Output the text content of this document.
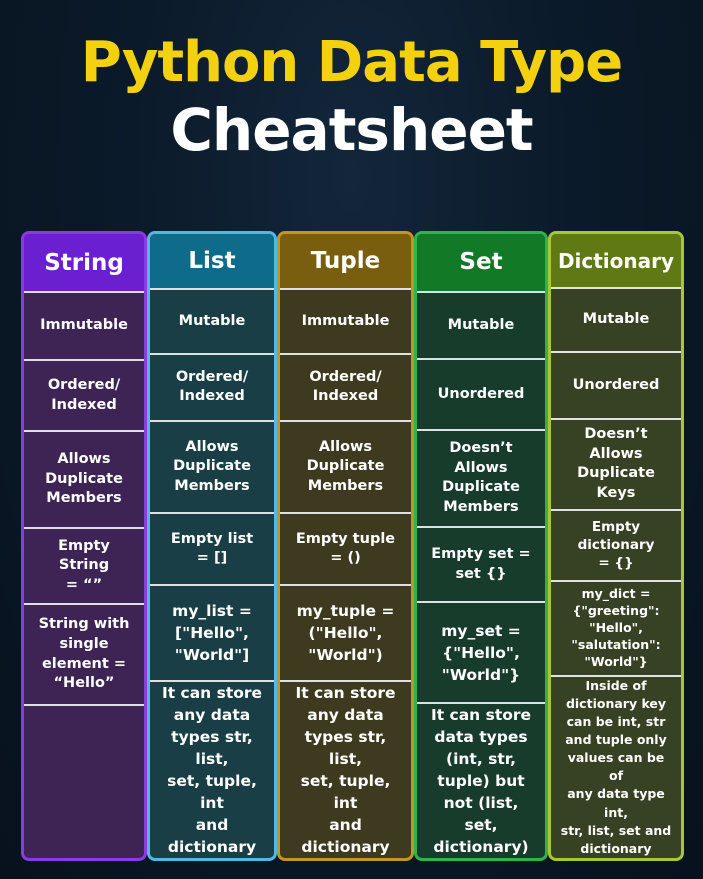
Python Data Type
Cheatsheet
String
Immutable
Ordered/
Indexed
Allows
Duplicate
Members
Empty String
= “”
String with
single
element =
“Hello”
List
Mutable
Ordered/
Indexed
Allows
Duplicate
Members
Empty list
= []
my_list =
["Hello",
"World"]
It can store
any data
types str, list,
set, tuple, int
and
dictionary
Tuple
Immutable
Ordered/
Indexed
Allows
Duplicate
Members
Empty tuple
= ()
my_tuple =
("Hello",
"World")
It can store
any data
types str, list,
set, tuple, int
and
dictionary
Set
Mutable
Unordered
Doesn’t
Allows
Duplicate
Members
Empty set =
set {}
my_set =
{"Hello",
"World"}
It can store
data types
(int, str,
tuple) but
not (list, set,
dictionary)
Dictionary
Mutable
Unordered
Doesn’t
Allows
Duplicate
Keys
Empty dictionary
= {}
my_dict =
{"greeting": "Hello",
"salutation":
"World"}
Inside of
dictionary key
can be int, str
and tuple only
values can be of
any data type int,
str, list, set and
dictionary
